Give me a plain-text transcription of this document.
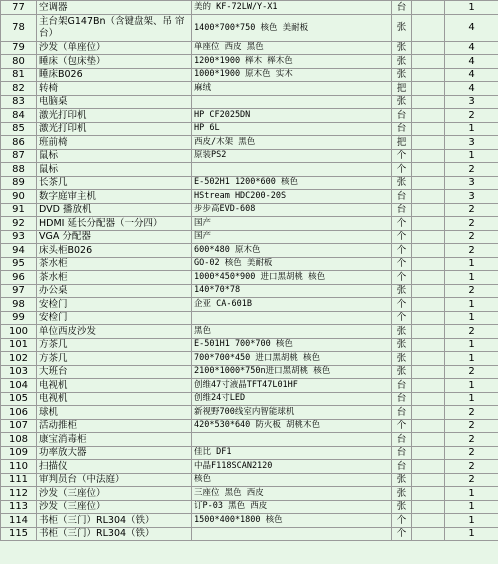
77	空调器	美的 KF-72LW/Y-X1	台		1
78	主台架G147Bn（含键盘架、吊 帘台）	1400*700*750 核色 美耐板	张		4
79	沙发（单座位）	单座位 西皮 黑色	张		4
80	睡床（包床垫）	1200*1900 榉木 榉木色	张		4
81	睡床B026	1000*1900 原木色 实木	张		4
82	转椅	麻绒	把		4
83	电脑桌		张		3
84	激光打印机	HP CF2025DN	台		2
85	激光打印机	HP 6L	台		1
86	班前椅	西皮/木架 黑色	把		3
87	鼠标	原装PS2	个		1
88	鼠标		个		2
89	长茶几	E-502H1 1200*600 核色	张		3
90	数字庭审主机	HStream HDC200-20S	台		3
91	DVD 播放机	步步高EVD-608	台		2
92	HDMI 延长分配器（一分四）	国产	个		2
93	VGA 分配器	国产	个		2
94	床头柜B026	600*480 原木色	个		2
95	茶水柜	GO-02 核色 美耐板	个		1
96	茶水柜	1000*450*900 进口黑胡桃 核色	个		1
97	办公桌	140*70*78	张		2
98	安检门	企亚 CA-601B	个		1
99	安检门		个		1
100	单位西皮沙发	黑色	张		2
101	方茶几	E-501H1 700*700 核色	张		1
102	方茶几	700*700*450 进口黑胡桃 核色	张		1
103	大班台	2100*1000*750n进口黑胡桃 核色	张		2
104	电视机	创维47寸液晶TFT47L01HF	台		1
105	电视机	创维24寸LED	台		1
106	球机	新视野700线室内智能球机	台		2
107	活动推柜	420*530*640 防火板 胡桃木色	个		2
108	康宝消毒柜		台		2
109	功率放大器	佳比 DF1	台		2
110	扫描仪	中晶F118SCAN2120	台		2
111	审判员台（中法庭）	核色	张		2
112	沙发（三座位）	三座位 黑色 西皮	张		1
113	沙发（三座位）	订P-03 黑色 西皮	张		1
114	书柜（三门）RL304（铁）	1500*400*1800 核色	个		1
115	书柜（三门）RL304（铁）		个		1
